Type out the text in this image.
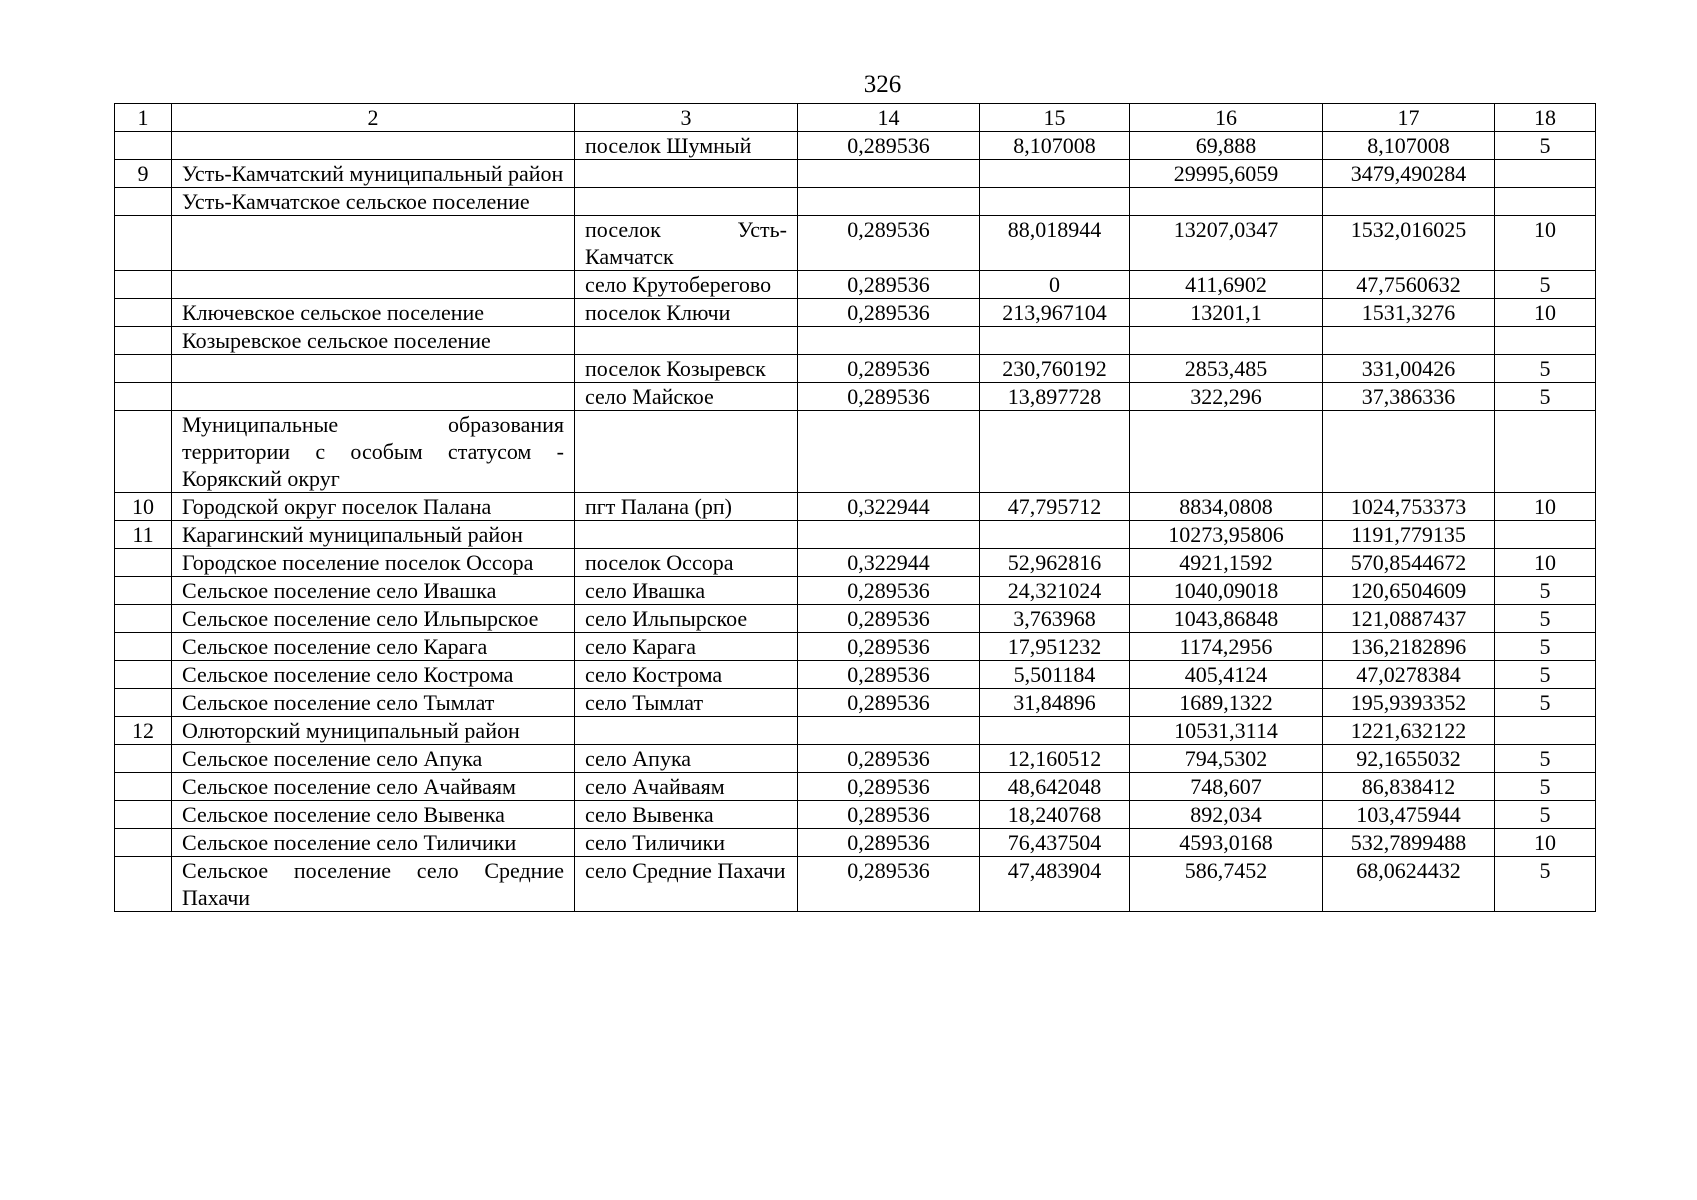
326
1	2	3	14	15	16	17	18
		поселок Шумный	0,289536	8,107008	69,888	8,107008	5
9	Усть-Камчатский муниципальный район				29995,6059	3479,490284	
	Усть-Камчатское сельское поселение						
		поселок Усть-Камчатск	0,289536	88,018944	13207,0347	1532,016025	10
		село Крутоберегово	0,289536	0	411,6902	47,7560632	5
	Ключевское сельское поселение	поселок Ключи	0,289536	213,967104	13201,1	1531,3276	10
	Козыревское сельское поселение						
		поселок Козыревск	0,289536	230,760192	2853,485	331,00426	5
		село Майское	0,289536	13,897728	322,296	37,386336	5
	Муниципальные образования территории с особым статусом - Корякский округ						
10	Городской округ поселок Палана	пгт Палана (рп)	0,322944	47,795712	8834,0808	1024,753373	10
11	Карагинский муниципальный район				10273,95806	1191,779135	
	Городское поселение поселок Оссора	поселок Оссора	0,322944	52,962816	4921,1592	570,8544672	10
	Сельское поселение село Ивашка	село Ивашка	0,289536	24,321024	1040,09018	120,6504609	5
	Сельское поселение село Ильпырское	село Ильпырское	0,289536	3,763968	1043,86848	121,0887437	5
	Сельское поселение село Карага	село Карага	0,289536	17,951232	1174,2956	136,2182896	5
	Сельское поселение село Кострома	село Кострома	0,289536	5,501184	405,4124	47,0278384	5
	Сельское поселение село Тымлат	село Тымлат	0,289536	31,84896	1689,1322	195,9393352	5
12	Олюторский муниципальный район				10531,3114	1221,632122	
	Сельское поселение село Апука	село Апука	0,289536	12,160512	794,5302	92,1655032	5
	Сельское поселение село Ачайваям	село Ачайваям	0,289536	48,642048	748,607	86,838412	5
	Сельское поселение село Вывенка	село Вывенка	0,289536	18,240768	892,034	103,475944	5
	Сельское поселение село Тиличики	село Тиличики	0,289536	76,437504	4593,0168	532,7899488	10
	Сельское поселение село Средние Пахачи	село Средние Пахачи	0,289536	47,483904	586,7452	68,0624432	5
